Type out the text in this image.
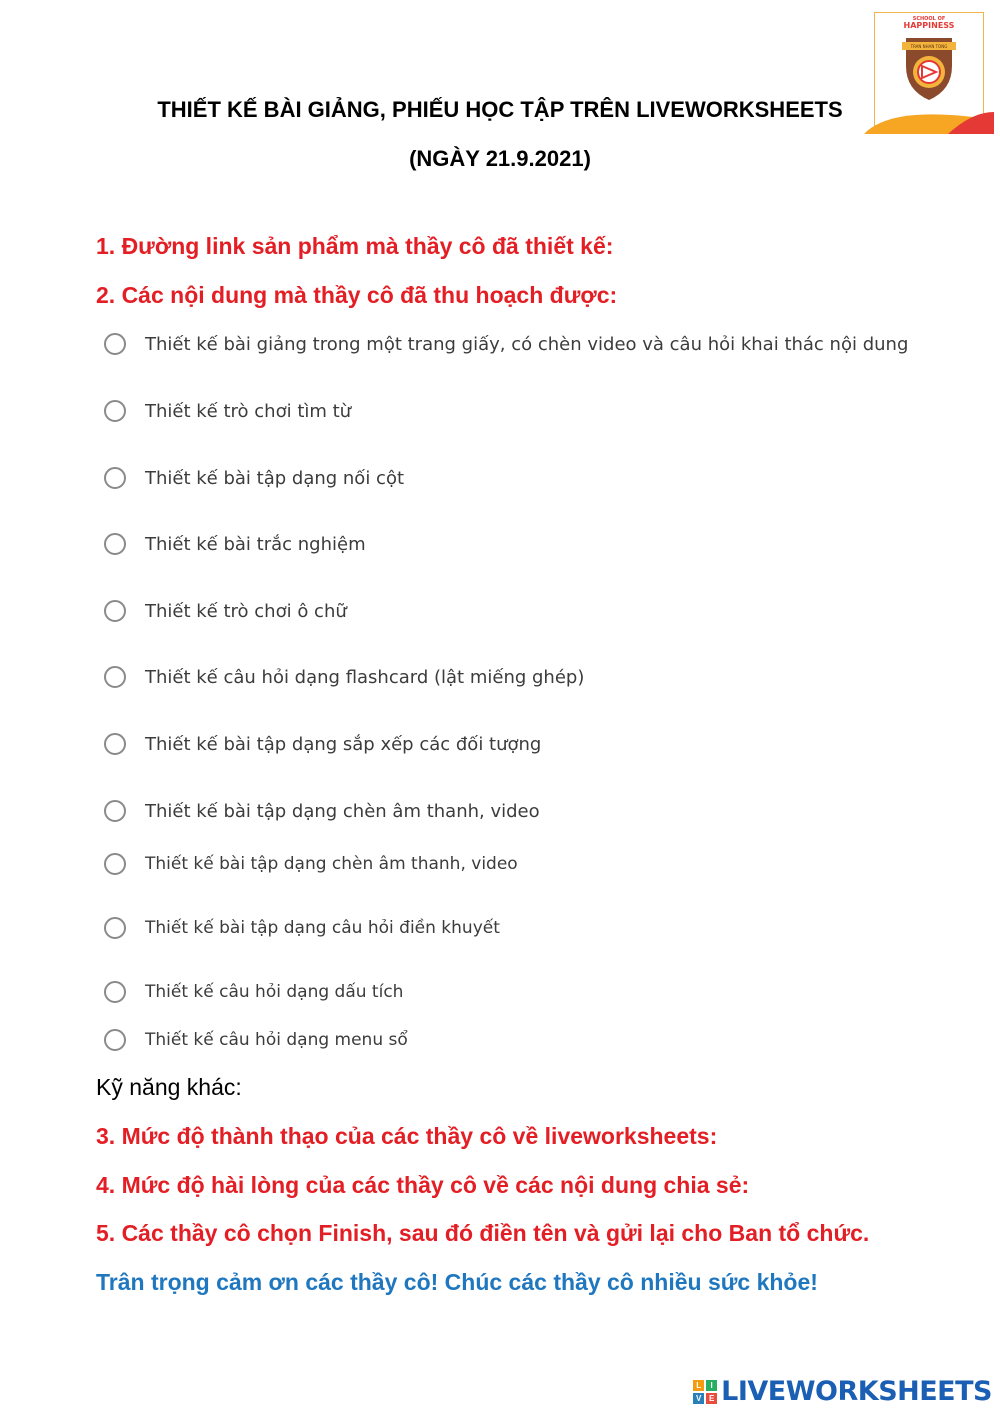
SCHOOL OF
HAPPINESS
TRAN NHAN TONG
THIẾT KẾ BÀI GIẢNG, PHIẾU HỌC TẬP TRÊN LIVEWORKSHEETS
(NGÀY 21.9.2021)
1. Đường link sản phẩm mà thầy cô đã thiết kế:
2. Các nội dung mà thầy cô đã thu hoạch được:
Thiết kế bài giảng trong một trang giấy, có chèn video và câu hỏi khai thác nội dung
Thiết kế trò chơi tìm từ
Thiết kế bài tập dạng nối cột
Thiết kế bài trắc nghiệm
Thiết kế trò chơi ô chữ
Thiết kế câu hỏi dạng flashcard (lật miếng ghép)
Thiết kế bài tập dạng sắp xếp các đối tượng
Thiết kế bài tập dạng chèn âm thanh, video
Thiết kế bài tập dạng chèn âm thanh, video
Thiết kế bài tập dạng câu hỏi điền khuyết
Thiết kế câu hỏi dạng dấu tích
Thiết kế câu hỏi dạng menu sổ
Kỹ năng khác:
3. Mức độ thành thạo của các thầy cô về liveworksheets:
4. Mức độ hài lòng của các thầy cô về các nội dung chia sẻ:
5. Các thầy cô chọn Finish, sau đó điền tên và gửi lại cho Ban tổ chức.
Trân trọng cảm ơn các thầy cô! Chúc các thầy cô nhiều sức khỏe!
L	I
V E LIVEWORKSHEETS
